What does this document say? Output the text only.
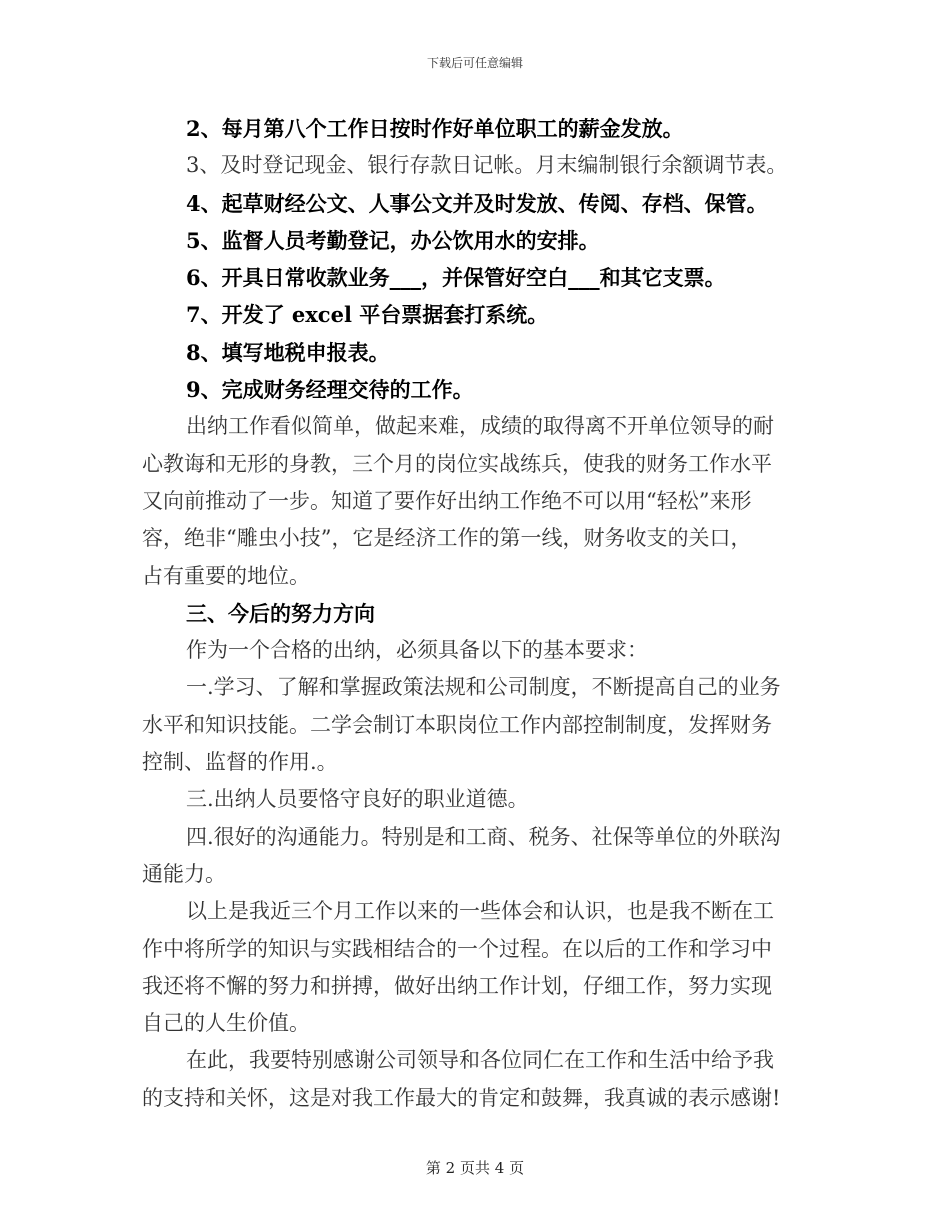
下载后可任意编辑
2、每月第八个工作日按时作好单位职工的薪金发放。
3、及时登记现金、银行存款日记帐。月末编制银行余额调节表。
4、起草财经公文、人事公文并及时发放、传阅、存档、保管。
5、监督人员考勤登记，办公饮用水的安排。
6、开具日常收款业务___，并保管好空白___和其它支票。
7、开发了 excel 平台票据套打系统。
8、填写地税申报表。
9、完成财务经理交待的工作。
出纳工作看似简单，做起来难，成绩的取得离不开单位领导的耐
心教诲和无形的身教，三个月的岗位实战练兵，使我的财务工作水平
又向前推动了一步。知道了要作好出纳工作绝不可以用“轻松”来形
容，绝非“雕虫小技”，它是经济工作的第一线，财务收支的关口，
占有重要的地位。
三、今后的努力方向
作为一个合格的出纳，必须具备以下的基本要求：
一.学习、了解和掌握政策法规和公司制度，不断提高自己的业务
水平和知识技能。二学会制订本职岗位工作内部控制制度，发挥财务
控制、监督的作用.。
三.出纳人员要恪守良好的职业道德。
四.很好的沟通能力。特别是和工商、税务、社保等单位的外联沟
通能力。
以上是我近三个月工作以来的一些体会和认识，也是我不断在工
作中将所学的知识与实践相结合的一个过程。在以后的工作和学习中
我还将不懈的努力和拼搏，做好出纳工作计划，仔细工作，努力实现
自己的人生价值。
在此，我要特别感谢公司领导和各位同仁在工作和生活中给予我
的支持和关怀，这是对我工作最大的肯定和鼓舞，我真诚的表示感谢!
第 2 页共 4 页
